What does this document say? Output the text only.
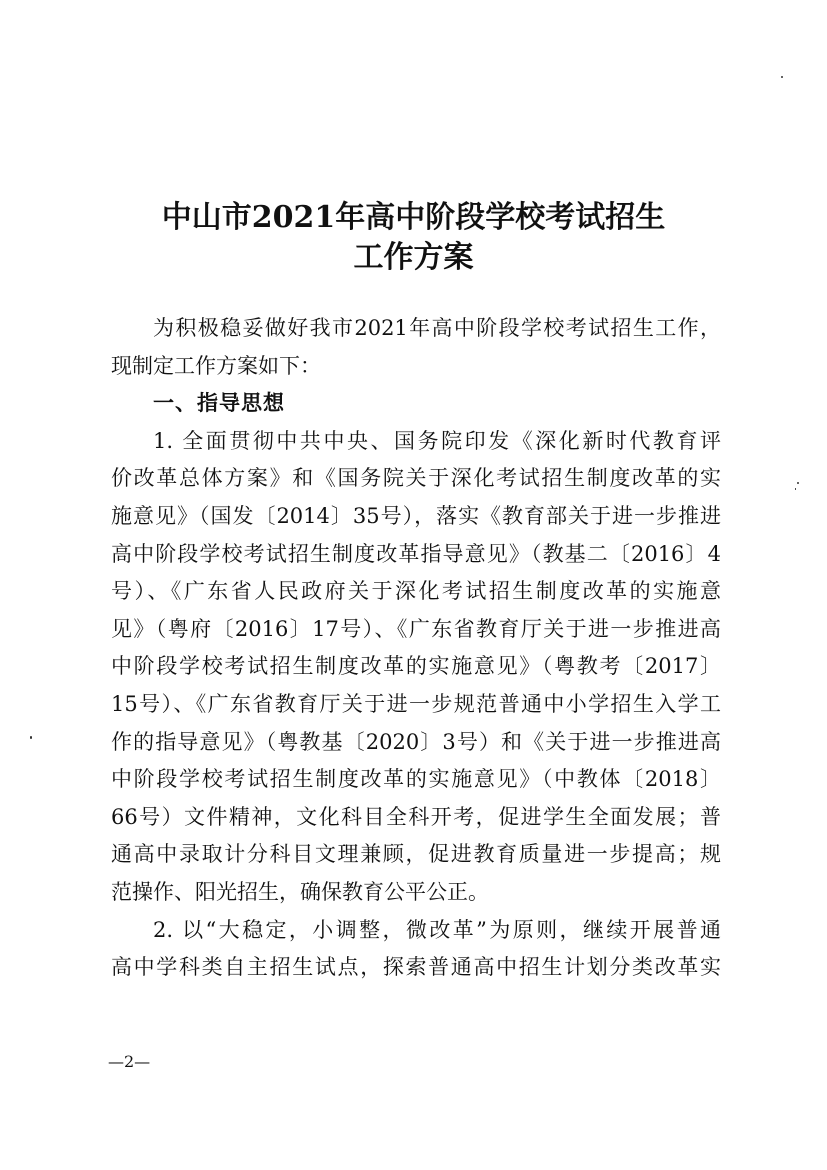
中山市2021年高中阶段学校考试招生
工作方案
为积极稳妥做好我市2021年高中阶段学校考试招生工作，
现制定工作方案如下：
一、指导思想
1. 全面贯彻中共中央、国务院印发《深化新时代教育评
价改革总体方案》和《国务院关于深化考试招生制度改革的实
施意见》（国发〔2014〕35号），落实《教育部关于进一步推进
高中阶段学校考试招生制度改革指导意见》（教基二〔2016〕4
号）、《广东省人民政府关于深化考试招生制度改革的实施意
见》（粤府〔2016〕17号）、《广东省教育厅关于进一步推进高
中阶段学校考试招生制度改革的实施意见》（粤教考〔2017〕
15号）、《广东省教育厅关于进一步规范普通中小学招生入学工
作的指导意见》（粤教基〔2020〕3号）和《关于进一步推进高
中阶段学校考试招生制度改革的实施意见》（中教体〔2018〕
66号）文件精神，文化科目全科开考，促进学生全面发展；普
通高中录取计分科目文理兼顾，促进教育质量进一步提高；规
范操作、阳光招生，确保教育公平公正。
2. 以“大稳定，小调整，微改革”为原则，继续开展普通
高中学科类自主招生试点，探索普通高中招生计划分类改革实
—2—
